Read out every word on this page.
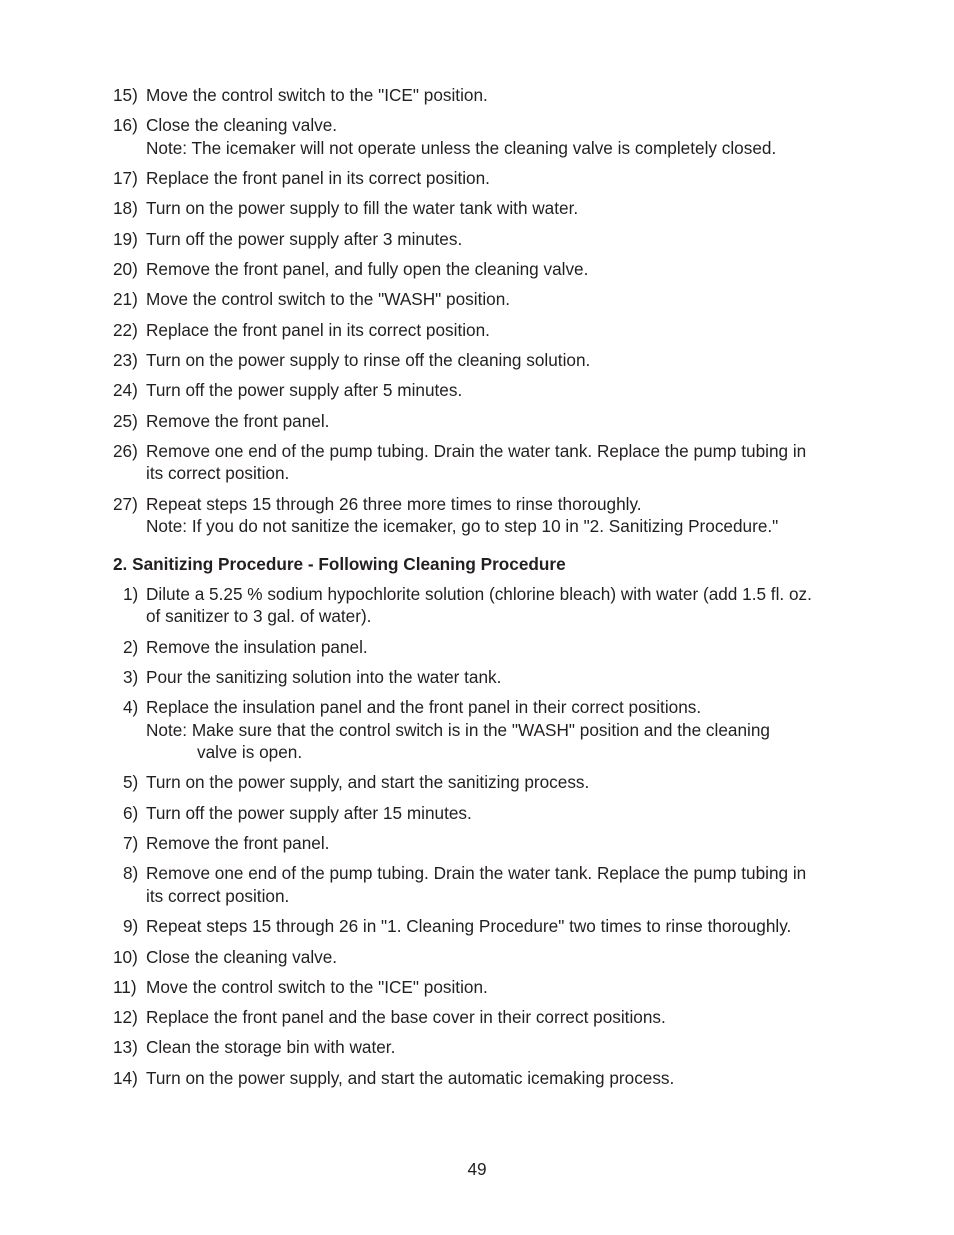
15) Move the control switch to the "ICE" position.
16) Close the cleaning valve.
Note: The icemaker will not operate unless the cleaning valve is completely closed.
17) Replace the front panel in its correct position.
18) Turn on the power supply to fill the water tank with water.
19) Turn off the power supply after 3 minutes.
20) Remove the front panel, and fully open the cleaning valve.
21) Move the control switch to the "WASH" position.
22) Replace the front panel in its correct position.
23) Turn on the power supply to rinse off the cleaning solution.
24) Turn off the power supply after 5 minutes.
25) Remove the front panel.
26) Remove one end of the pump tubing. Drain the water tank. Replace the pump tubing in
its correct position.
27) Repeat steps 15 through 26 three more times to rinse thoroughly.
Note: If you do not sanitize the icemaker, go to step 10 in "2. Sanitizing Procedure."
2. Sanitizing Procedure - Following Cleaning Procedure
1) Dilute a 5.25 % sodium hypochlorite solution (chlorine bleach) with water (add 1.5 fl. oz.
of sanitizer to 3 gal. of water).
2) Remove the insulation panel.
3) Pour the sanitizing solution into the water tank.
4) Replace the insulation panel and the front panel in their correct positions.
Note: Make sure that the control switch is in the "WASH" position and the cleaning
valve is open.
5) Turn on the power supply, and start the sanitizing process.
6) Turn off the power supply after 15 minutes.
7) Remove the front panel.
8) Remove one end of the pump tubing. Drain the water tank. Replace the pump tubing in
its correct position.
9) Repeat steps 15 through 26 in "1. Cleaning Procedure" two times to rinse thoroughly.
10) Close the cleaning valve.
11) Move the control switch to the "ICE" position.
12) Replace the front panel and the base cover in their correct positions.
13) Clean the storage bin with water.
14) Turn on the power supply, and start the automatic icemaking process.
49
